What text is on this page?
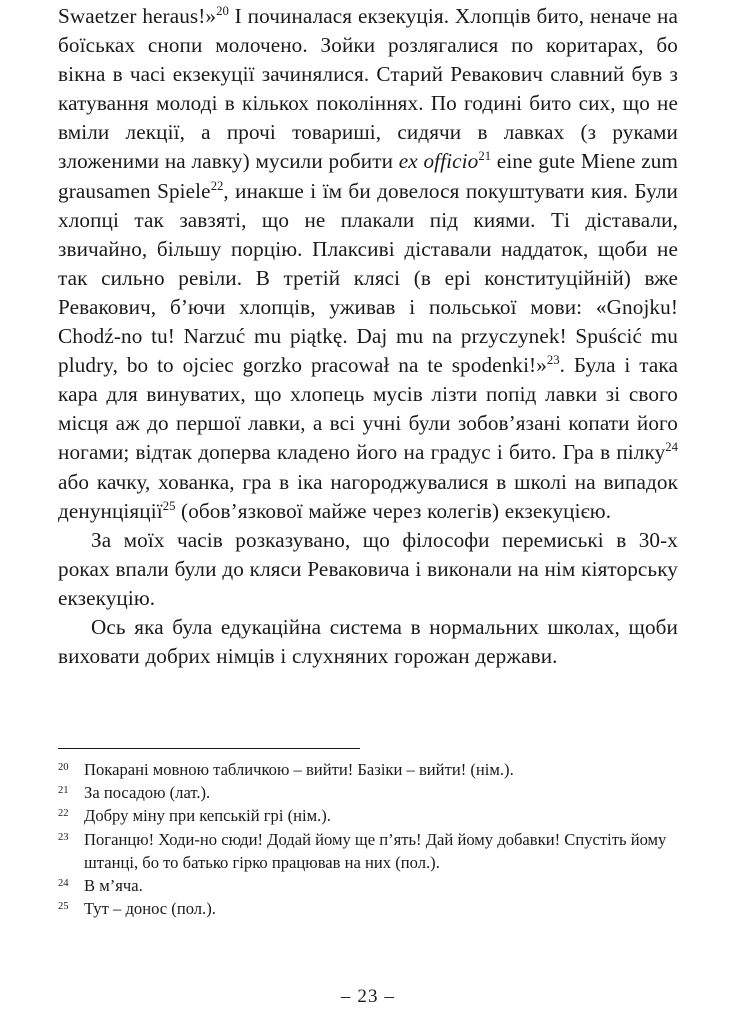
Swaetzer heraus!»$^{20}$ I починалася екзекуція. Хлопців бито, неначе на боїськах снопи молочено. Зойки розлягалися по коритарах, бо вікна в часі екзекуції зачинялися. Старий Ревакович славний був з катування молоді в кількох поколіннях. По годині бито сих, що не вміли лекції, а прочі товариші, сидячи в лавках (з руками зложеними на лавку) мусили робити ex officio$^{21}$ eine gute Miene zum grausamen Spiele$^{22}$, инакше і їм би довелося покуштувати кия. Були хлопці так завзяті, що не плакали під киями. Ті діставали, звичайно, більшу порцію. Плаксиві діставали наддаток, щоби не так сильно ревіли. В третій клясі (в ері конституційній) вже Ревакович, б’ючи хлопців, уживав і польської мови: «Gnojku! Chodź-no tu! Narzuć mu piątkę. Daj mu na przyczynek! Spuścić mu pludry, bo to ojciec gorzko pracował na te spodenki!»$^{23}$. Була і така кара для винуватих, що хлопець мусів лізти попід лавки зі свого місця аж до першої лавки, а всі учні були зобов’язані копати його ногами; відтак доперва кладено його на градус і бито. Гра в пілку$^{24}$ або качку, хованка, гра в іка нагороджувалися в школі на випадок денунціяції$^{25}$ (обов’язкової майже через колегів) екзекуцією.

За моїх часів розказувано, що філософи перемиські в 30-х роках впали були до кляси Реваковича і виконали на нім кіяторську екзекуцію.

Ось яка була едукаційна система в нормальних школах, щоби виховати добрих німців і слухняних горожан держави.

20 Покарані мовною табличкою – вийти! Базіки – вийти! (нім.).
21 За посадою (лат.).
22 Добру міну при кепській грі (нім.).
23 Поганцю! Ходи-но сюди! Додай йому ще п’ять! Дай йому добавки! Спустіть йому штанці, бо то батько гірко працював на них (пол.).
24 В м’яча.
25 Тут – донос (пол.).
– 23 –
